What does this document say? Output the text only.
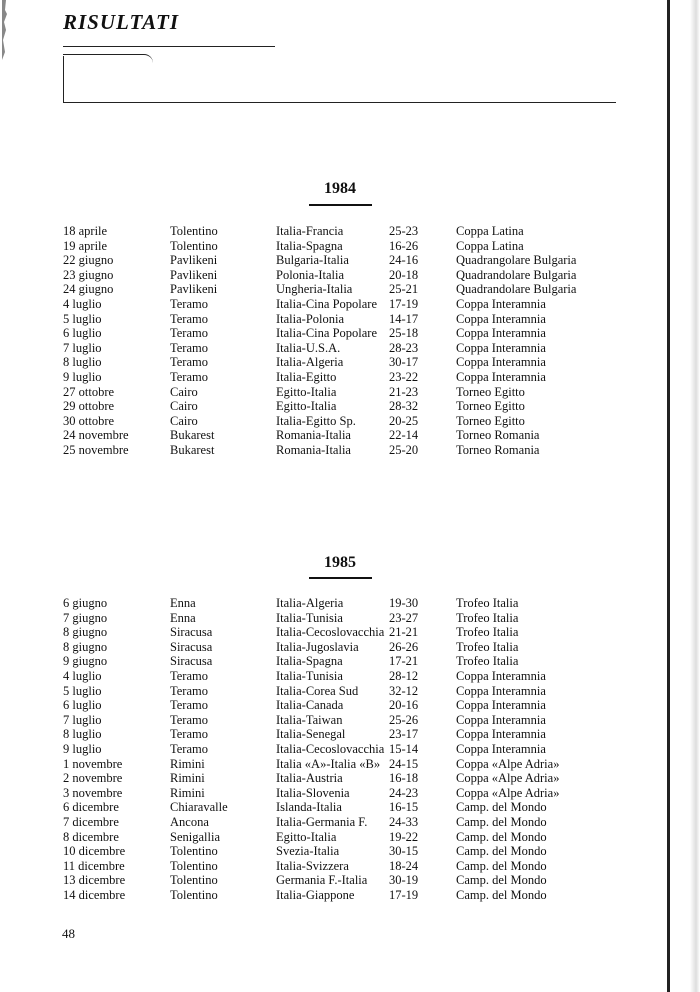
RISULTATI
1984
18 aprile	Tolentino	Italia-Francia	25-23	Coppa Latina
19 aprile	Tolentino	Italia-Spagna	16-26	Coppa Latina
22 giugno	Pavlikeni	Bulgaria-Italia	24-16	Quadrangolare Bulgaria
23 giugno	Pavlikeni	Polonia-Italia	20-18	Quadrandolare Bulgaria
24 giugno	Pavlikeni	Ungheria-Italia	25-21	Quadrandolare Bulgaria
4 luglio	Teramo	Italia-Cina Popolare 17-19	Coppa Interamnia
5 luglio	Teramo	Italia-Polonia	14-17	Coppa Interamnia
6 luglio	Teramo	Italia-Cina Popolare 25-18	Coppa Interamnia
7 luglio	Teramo	Italia-U.S.A.	28-23	Coppa Interamnia
8 luglio	Teramo	Italia-Algeria	30-17	Coppa Interamnia
9 luglio	Teramo	Italia-Egitto	23-22	Coppa Interamnia
27 ottobre	Cairo	Egitto-Italia	21-23	Torneo Egitto
29 ottobre	Cairo	Egitto-Italia	28-32	Torneo Egitto
30 ottobre	Cairo	Italia-Egitto Sp.	20-25	Torneo Egitto
24 novembre	Bukarest	Romania-Italia	22-14	Torneo Romania
25 novembre	Bukarest	Romania-Italia	25-20	Torneo Romania
1985
6 giugno	Enna	Italia-Algeria	19-30	Trofeo Italia
7 giugno	Enna	Italia-Tunisia	23-27	Trofeo Italia
8 giugno	Siracusa	Italia-Cecoslovacchia 21-21	Trofeo Italia
8 giugno	Siracusa	Italia-Jugoslavia 26-26	Trofeo Italia
9 giugno	Siracusa	Italia-Spagna	17-21	Trofeo Italia
4 luglio	Teramo	Italia-Tunisia	28-12	Coppa Interamnia
5 luglio	Teramo	Italia-Corea Sud 32-12	Coppa Interamnia
6 luglio	Teramo	Italia-Canada	20-16	Coppa Interamnia
7 luglio	Teramo	Italia-Taiwan	25-26	Coppa Interamnia
8 luglio	Teramo	Italia-Senegal	23-17	Coppa Interamnia
9 luglio	Teramo	Italia-Cecoslovacchia 15-14	Coppa Interamnia
1 novembre	Rimini	Italia «A»-Italia «B» 24-15	Coppa «Alpe Adria»
2 novembre	Rimini	Italia-Austria	16-18	Coppa «Alpe Adria»
3 novembre	Rimini	Italia-Slovenia	24-23	Coppa «Alpe Adria»
6 dicembre	Chiaravalle	Islanda-Italia	16-15	Camp. del Mondo
7 dicembre	Ancona	Italia-Germania F. 24-33	Camp. del Mondo
8 dicembre	Senigallia	Egitto-Italia	19-22	Camp. del Mondo
10 dicembre	Tolentino	Svezia-Italia	30-15	Camp. del Mondo
11 dicembre	Tolentino	Italia-Svizzera	18-24	Camp. del Mondo
13 dicembre	Tolentino	Germania F.-Italia 30-19	Camp. del Mondo
14 dicembre	Tolentino	Italia-Giappone	17-19	Camp. del Mondo
48
